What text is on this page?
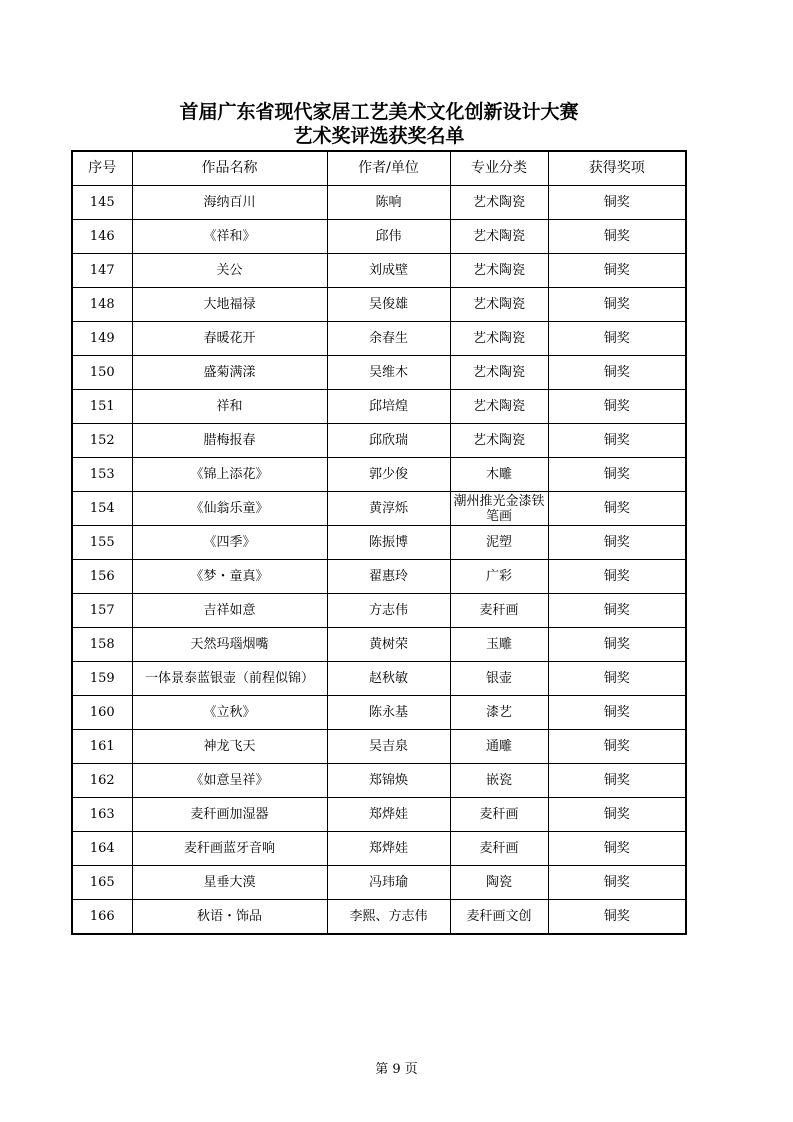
首届广东省现代家居工艺美术文化创新设计大赛
艺术奖评选获奖名单
序号	作品名称	作者/单位	专业分类	获得奖项
145	海纳百川	陈响	艺术陶瓷	铜奖
146	《祥和》	邱伟	艺术陶瓷	铜奖
147	关公	刘成壁	艺术陶瓷	铜奖
148	大地福禄	吴俊雄	艺术陶瓷	铜奖
149	春暖花开	余春生	艺术陶瓷	铜奖
150	盛菊满漾	吴维木	艺术陶瓷	铜奖
151	祥和	邱培煌	艺术陶瓷	铜奖
152	腊梅报春	邱欣瑞	艺术陶瓷	铜奖
153	《锦上添花》	郭少俊	木雕	铜奖
154	《仙翁乐童》	黄淳烁	潮州推光金漆铁笔画	铜奖
155	《四季》	陈振博	泥塑	铜奖
156	《梦・童真》	翟惠玲	广彩	铜奖
157	吉祥如意	方志伟	麦秆画	铜奖
158	天然玛瑙烟嘴	黄树荣	玉雕	铜奖
159	一体景泰蓝银壶（前程似锦）	赵秋敏	银壶	铜奖
160	《立秋》	陈永基	漆艺	铜奖
161	神龙飞天	吴吉泉	通雕	铜奖
162	《如意呈祥》	郑锦焕	嵌瓷	铜奖
163	麦秆画加湿器	郑烨娃	麦秆画	铜奖
164	麦秆画蓝牙音响	郑烨娃	麦秆画	铜奖
165	星垂大漠	冯玮瑜	陶瓷	铜奖
166	秋语・饰品	李熙、方志伟	麦秆画文创	铜奖
第 9 页
